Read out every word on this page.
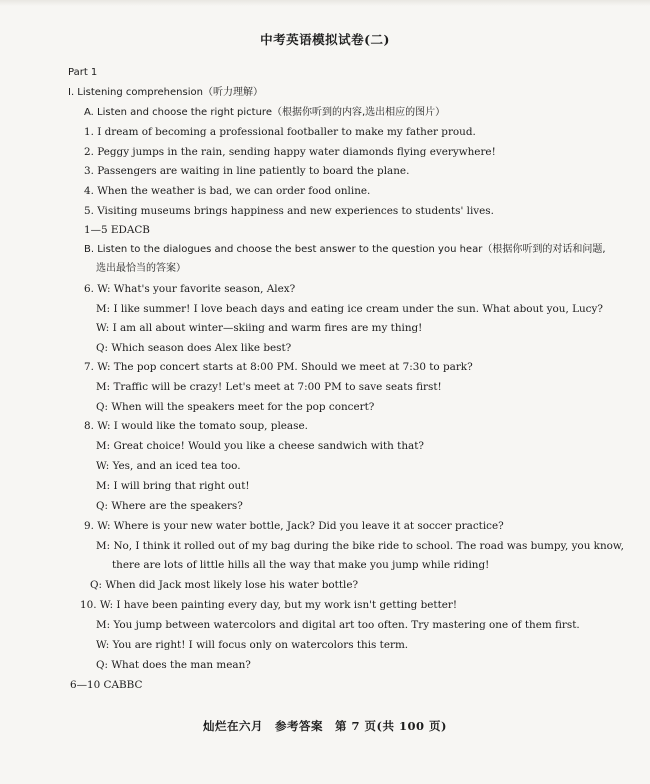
中考英语模拟试卷(二)
Part 1
Ⅰ. Listening comprehension（听力理解）
A. Listen and choose the right picture（根据你听到的内容,选出相应的图片）
1. I dream of becoming a professional footballer to make my father proud.
2. Peggy jumps in the rain, sending happy water diamonds flying everywhere!
3. Passengers are waiting in line patiently to board the plane.
4. When the weather is bad, we can order food online.
5. Visiting museums brings happiness and new experiences to students' lives.
1—5 EDACB
B. Listen to the dialogues and choose the best answer to the question you hear（根据你听到的对话和问题,
选出最恰当的答案）
6. W: What's your favorite season, Alex?
M: I like summer! I love beach days and eating ice cream under the sun. What about you, Lucy?
W: I am all about winter—skiing and warm fires are my thing!
Q: Which season does Alex like best?
7. W: The pop concert starts at 8:00 PM. Should we meet at 7:30 to park?
M: Traffic will be crazy! Let's meet at 7:00 PM to save seats first!
Q: When will the speakers meet for the pop concert?
8. W: I would like the tomato soup, please.
M: Great choice! Would you like a cheese sandwich with that?
W: Yes, and an iced tea too.
M: I will bring that right out!
Q: Where are the speakers?
9. W: Where is your new water bottle, Jack? Did you leave it at soccer practice?
M: No, I think it rolled out of my bag during the bike ride to school. The road was bumpy, you know,
there are lots of little hills all the way that make you jump while riding!
Q: When did Jack most likely lose his water bottle?
10. W: I have been painting every day, but my work isn't getting better!
M: You jump between watercolors and digital art too often. Try mastering one of them first.
W: You are right! I will focus only on watercolors this term.
Q: What does the man mean?
6—10 CABBC
灿烂在六月　参考答案　第 7 页(共 100 页)
